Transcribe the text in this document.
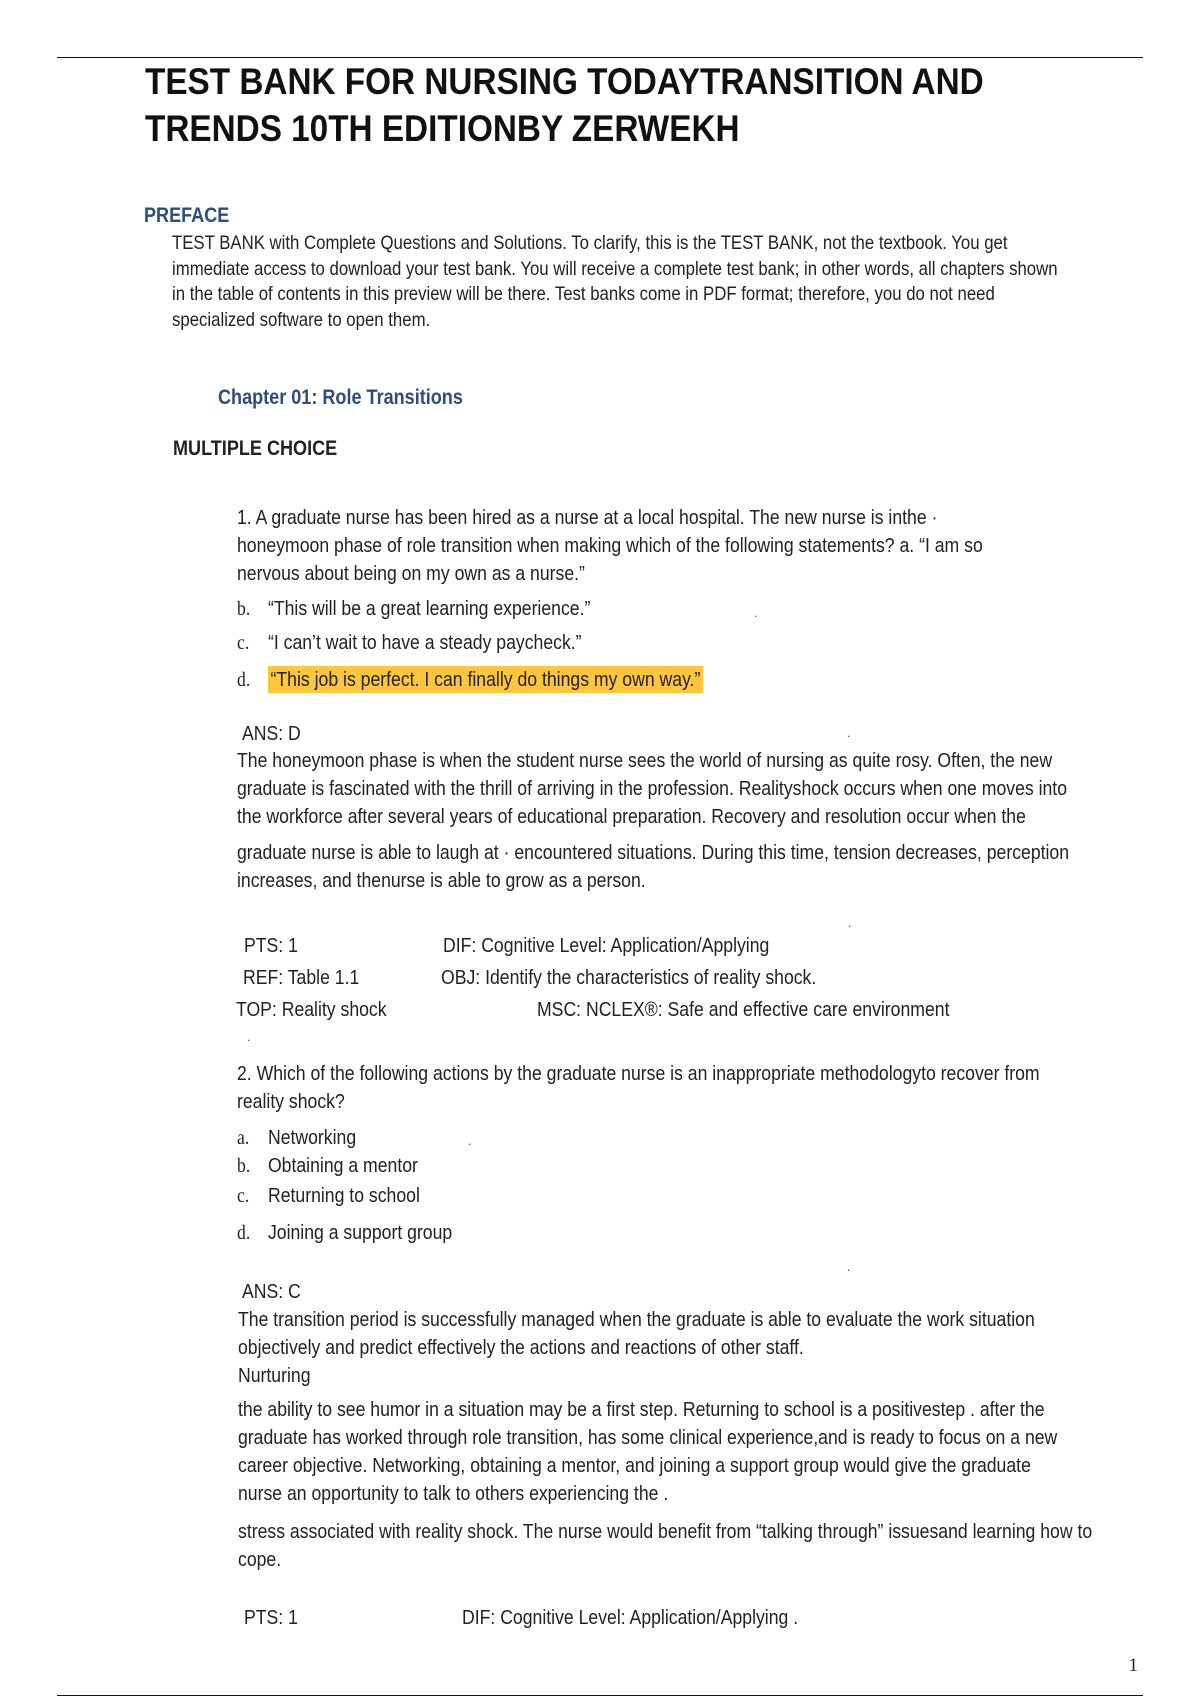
TEST BANK FOR NURSING TODAYTRANSITION AND TRENDS 10TH EDITIONBY ZERWEKH
PREFACE
TEST BANK with Complete Questions and Solutions. To clarify, this is the TEST BANK, not the textbook. You get
immediate access to download your test bank. You will receive a complete test bank; in other words, all chapters shown
in the table of contents in this preview will be there. Test banks come in PDF format; therefore, you do not need
specialized software to open them.
Chapter 01: Role Transitions
MULTIPLE CHOICE
1. A graduate nurse has been hired as a nurse at a local hospital. The new nurse is inthe ·
honeymoon phase of role transition when making which of the following statements? a. “I am so
nervous about being on my own as a nurse.”
b. “This will be a great learning experience.”
c. “I can’t wait to have a steady paycheck.”
d. “This job is perfect. I can finally do things my own way.”
.
ANS: D	.
The honeymoon phase is when the student nurse sees the world of nursing as quite rosy. Often, the new
graduate is fascinated with the thrill of arriving in the profession. Realityshock occurs when one moves into
the workforce after several years of educational preparation. Recovery and resolution occur when the
graduate nurse is able to laugh at · encountered situations. During this time, tension decreases, perception
increases, and thenurse is able to grow as a person.
.
PTS: 1	DIF: Cognitive Level: Application/Applying
REF: Table 1.1	OBJ: Identify the characteristics of reality shock.
TOP: Reality shock	MSC: NCLEX®: Safe and effective care environment
.
2. Which of the following actions by the graduate nurse is an inappropriate methodologyto recover from
reality shock?
a. Networking	.
b. Obtaining a mentor
c. Returning to school
d. Joining a support group
.
ANS: C
The transition period is successfully managed when the graduate is able to evaluate the work situation
objectively and predict effectively the actions and reactions of other staff.
Nurturing
the ability to see humor in a situation may be a first step. Returning to school is a positivestep . after the
graduate has worked through role transition, has some clinical experience,and is ready to focus on a new
career objective. Networking, obtaining a mentor, and joining a support group would give the graduate
nurse an opportunity to talk to others experiencing the .
stress associated with reality shock. The nurse would benefit from “talking through” issuesand learning how to
cope.
PTS: 1	DIF: Cognitive Level: Application/Applying .
1
